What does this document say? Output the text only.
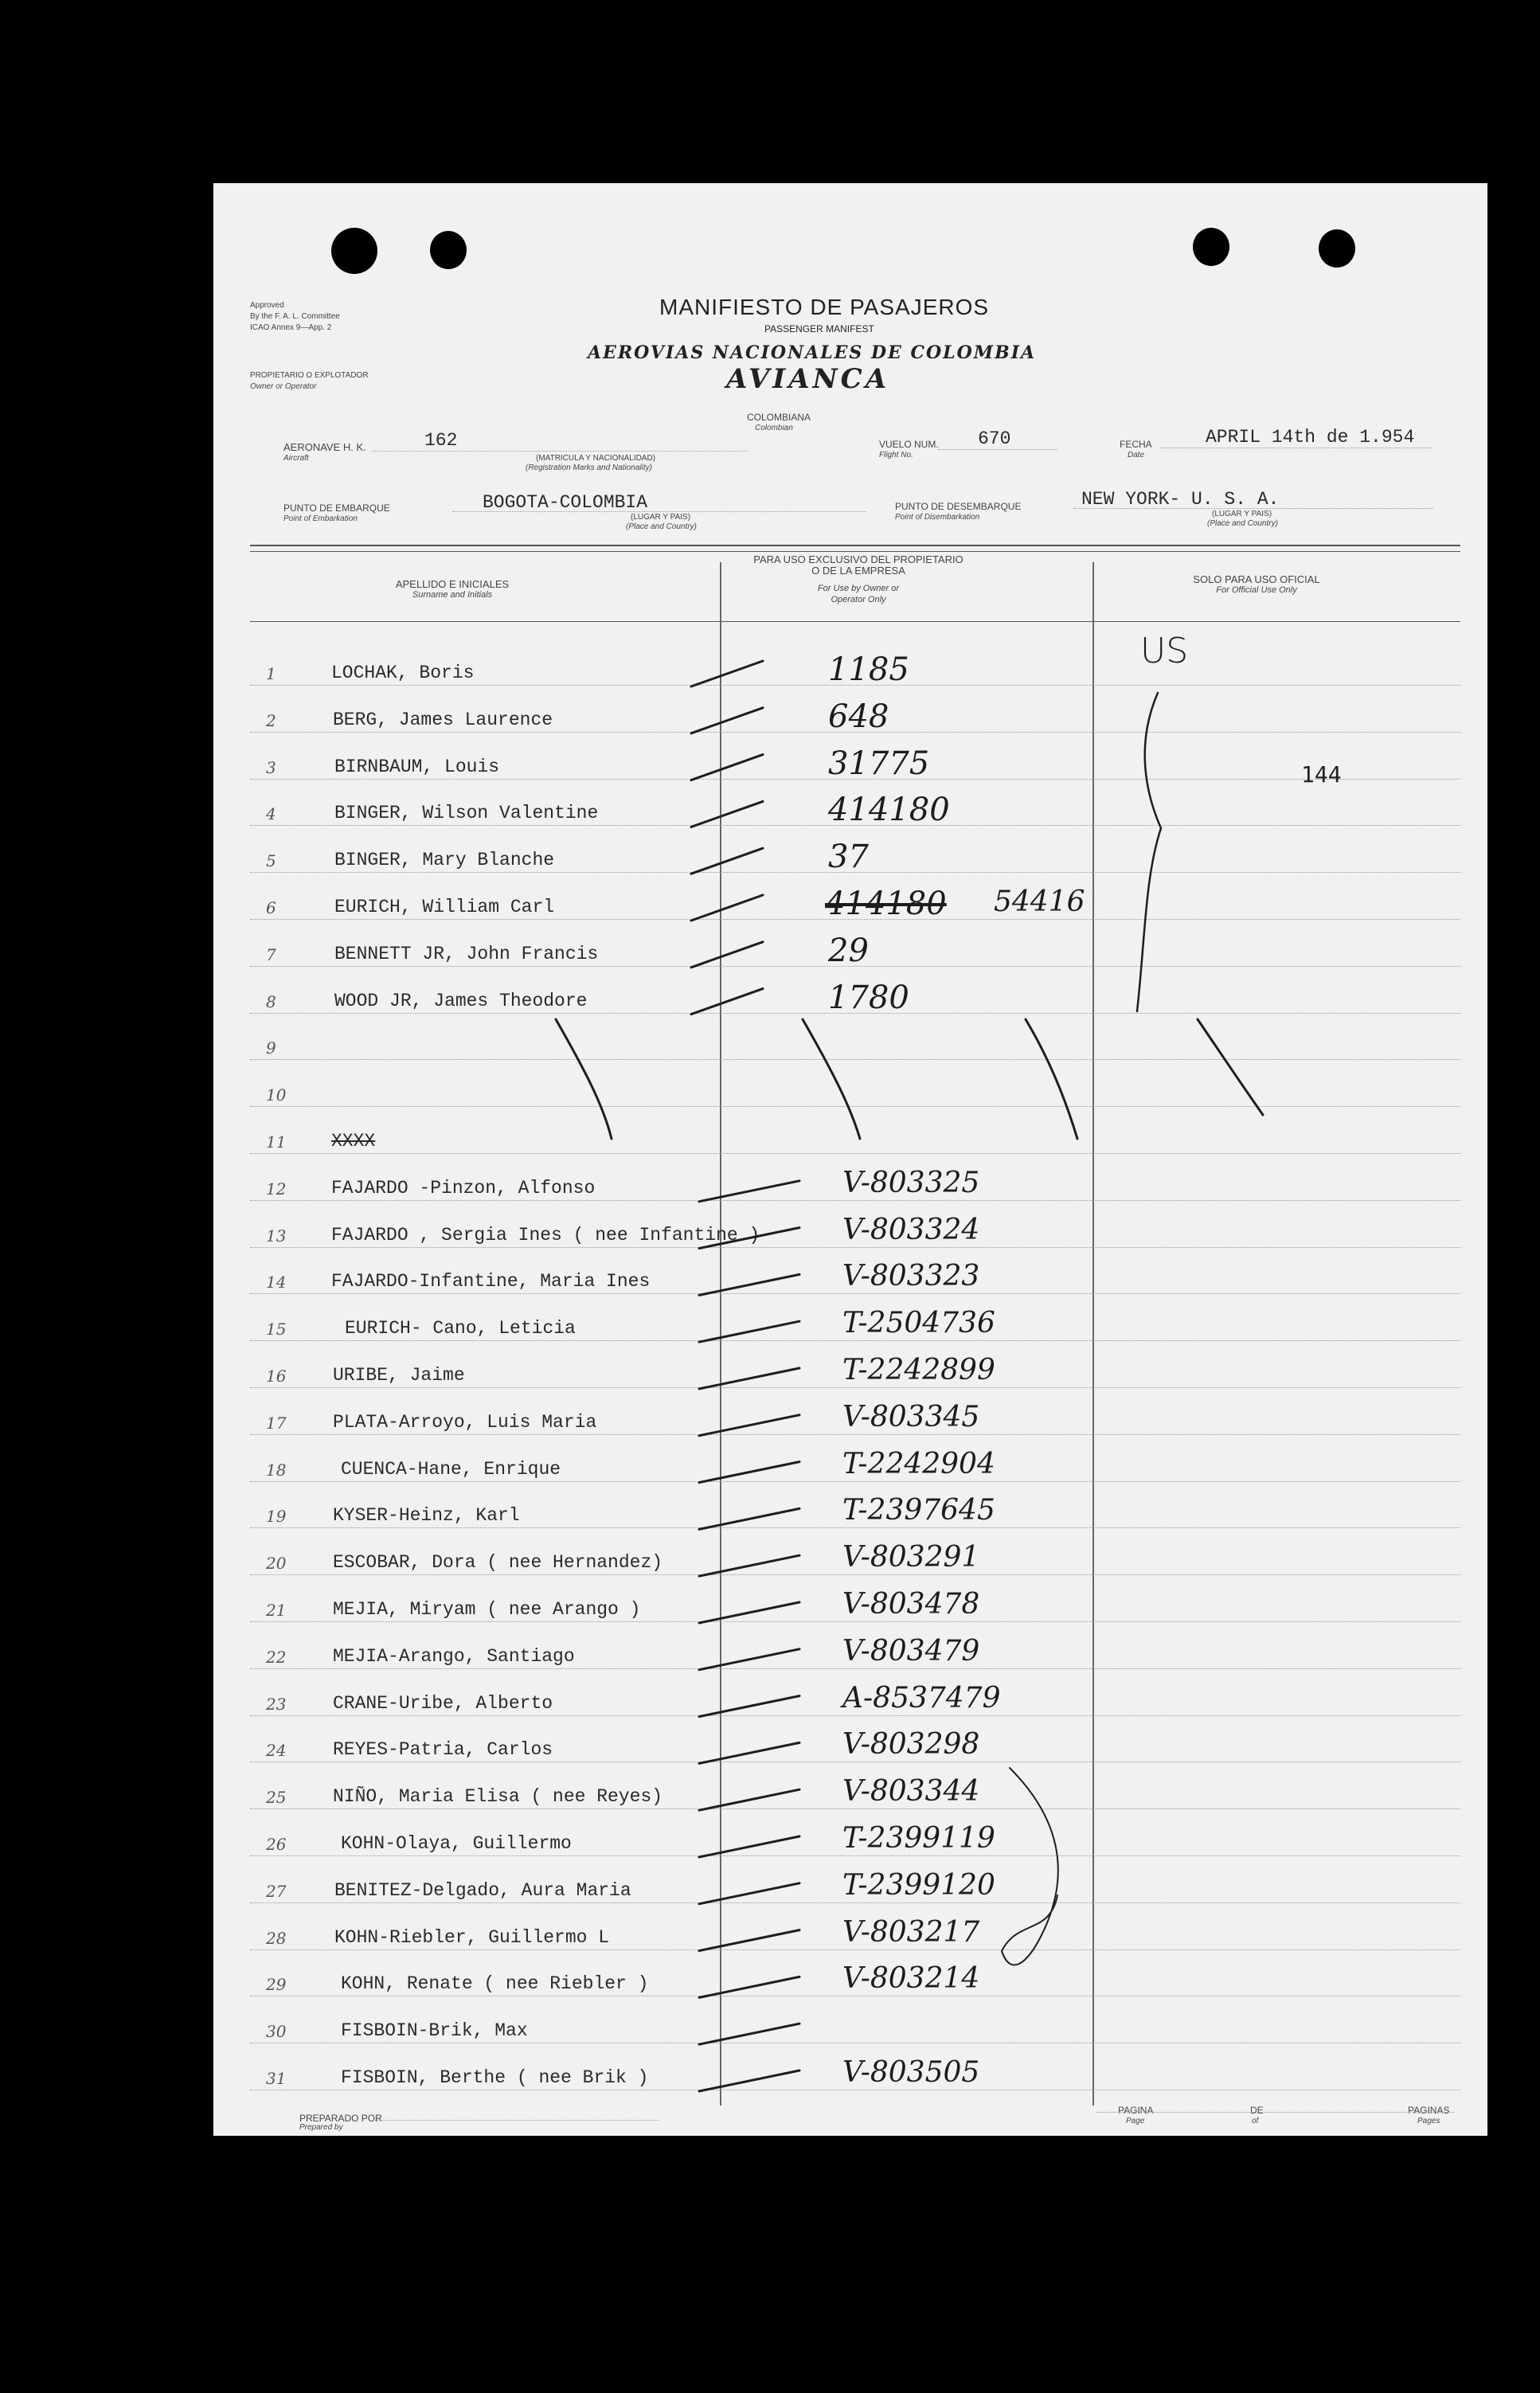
Approved
By the F. A. L. Committee
ICAO Annex 9—App. 2
PROPIETARIO O EXPLOTADOR
Owner or Operator
MANIFIESTO DE PASAJEROS
PASSENGER MANIFEST
AEROVIAS NACIONALES DE COLOMBIA
AVIANCA
COLOMBIANA
Colombian
AERONAVE H. K.
Aircraft
162
(MATRICULA Y NACIONALIDAD)
(Registration Marks and Nationality)
VUELO NUM.
Flight No.
670	FECHA
Date
APRIL 14th de 1.954
PUNTO DE EMBARQUE
Point of Embarkation
BOGOTA-COLOMBIA
(LUGAR Y PAIS)
(Place and Country)
PUNTO DE DESEMBARQUE
Point of Disembarkation
NEW YORK- U. S. A.
(LUGAR Y PAIS)
(Place and Country)
APELLIDO E INICIALES
Surname and Initials
PARA USO EXCLUSIVO DEL PROPIETARIO
O DE LA EMPRESA
For Use by Owner or
Operator Only
SOLO PARA USO OFICIAL
For Official Use Only
1	LOCHAK, Boris	1185
2	BERG, James Laurence	648
3	BIRNBAUM, Louis	31775
4	BINGER, Wilson Valentine	414180
5	BINGER, Mary Blanche	37
6	EURICH, William Carl	414180 54416
7	BENNETT JR, John Francis	29
8	WOOD JR, James Theodore	1780
9
10
11 XXXX
12 FAJARDO -Pinzon, Alfonso	V-803325
13 FAJARDO , Sergia Ines ( nee Infantine )	V-803324
14 FAJARDO-Infantine, Maria Ines	V-803323
15	EURICH- Cano, Leticia	T-2504736
16	URIBE, Jaime	T-2242899
17	PLATA-Arroyo, Luis Maria	V-803345
18	CUENCA-Hane, Enrique	T-2242904
19	KYSER-Heinz, Karl	T-2397645
20	ESCOBAR, Dora ( nee Hernandez)	V-803291
21	MEJIA, Miryam ( nee Arango )	V-803478
22	MEJIA-Arango, Santiago	V-803479
23	CRANE-Uribe, Alberto	A-8537479
24	REYES-Patria, Carlos	V-803298
25	NIÑO, Maria Elisa ( nee Reyes)	V-803344
26	KOHN-Olaya, Guillermo	T-2399119
27	BENITEZ-Delgado, Aura Maria	T-2399120
28	KOHN-Riebler, Guillermo L	V-803217
29	KOHN, Renate ( nee Riebler )	V-803214
30	FISBOIN-Brik, Max
31	FISBOIN, Berthe ( nee Brik )	V-803505
US
144
PREPARADO POR
Prepared by
PAGINA
Page
DE
of
PAGINAS
Pages
